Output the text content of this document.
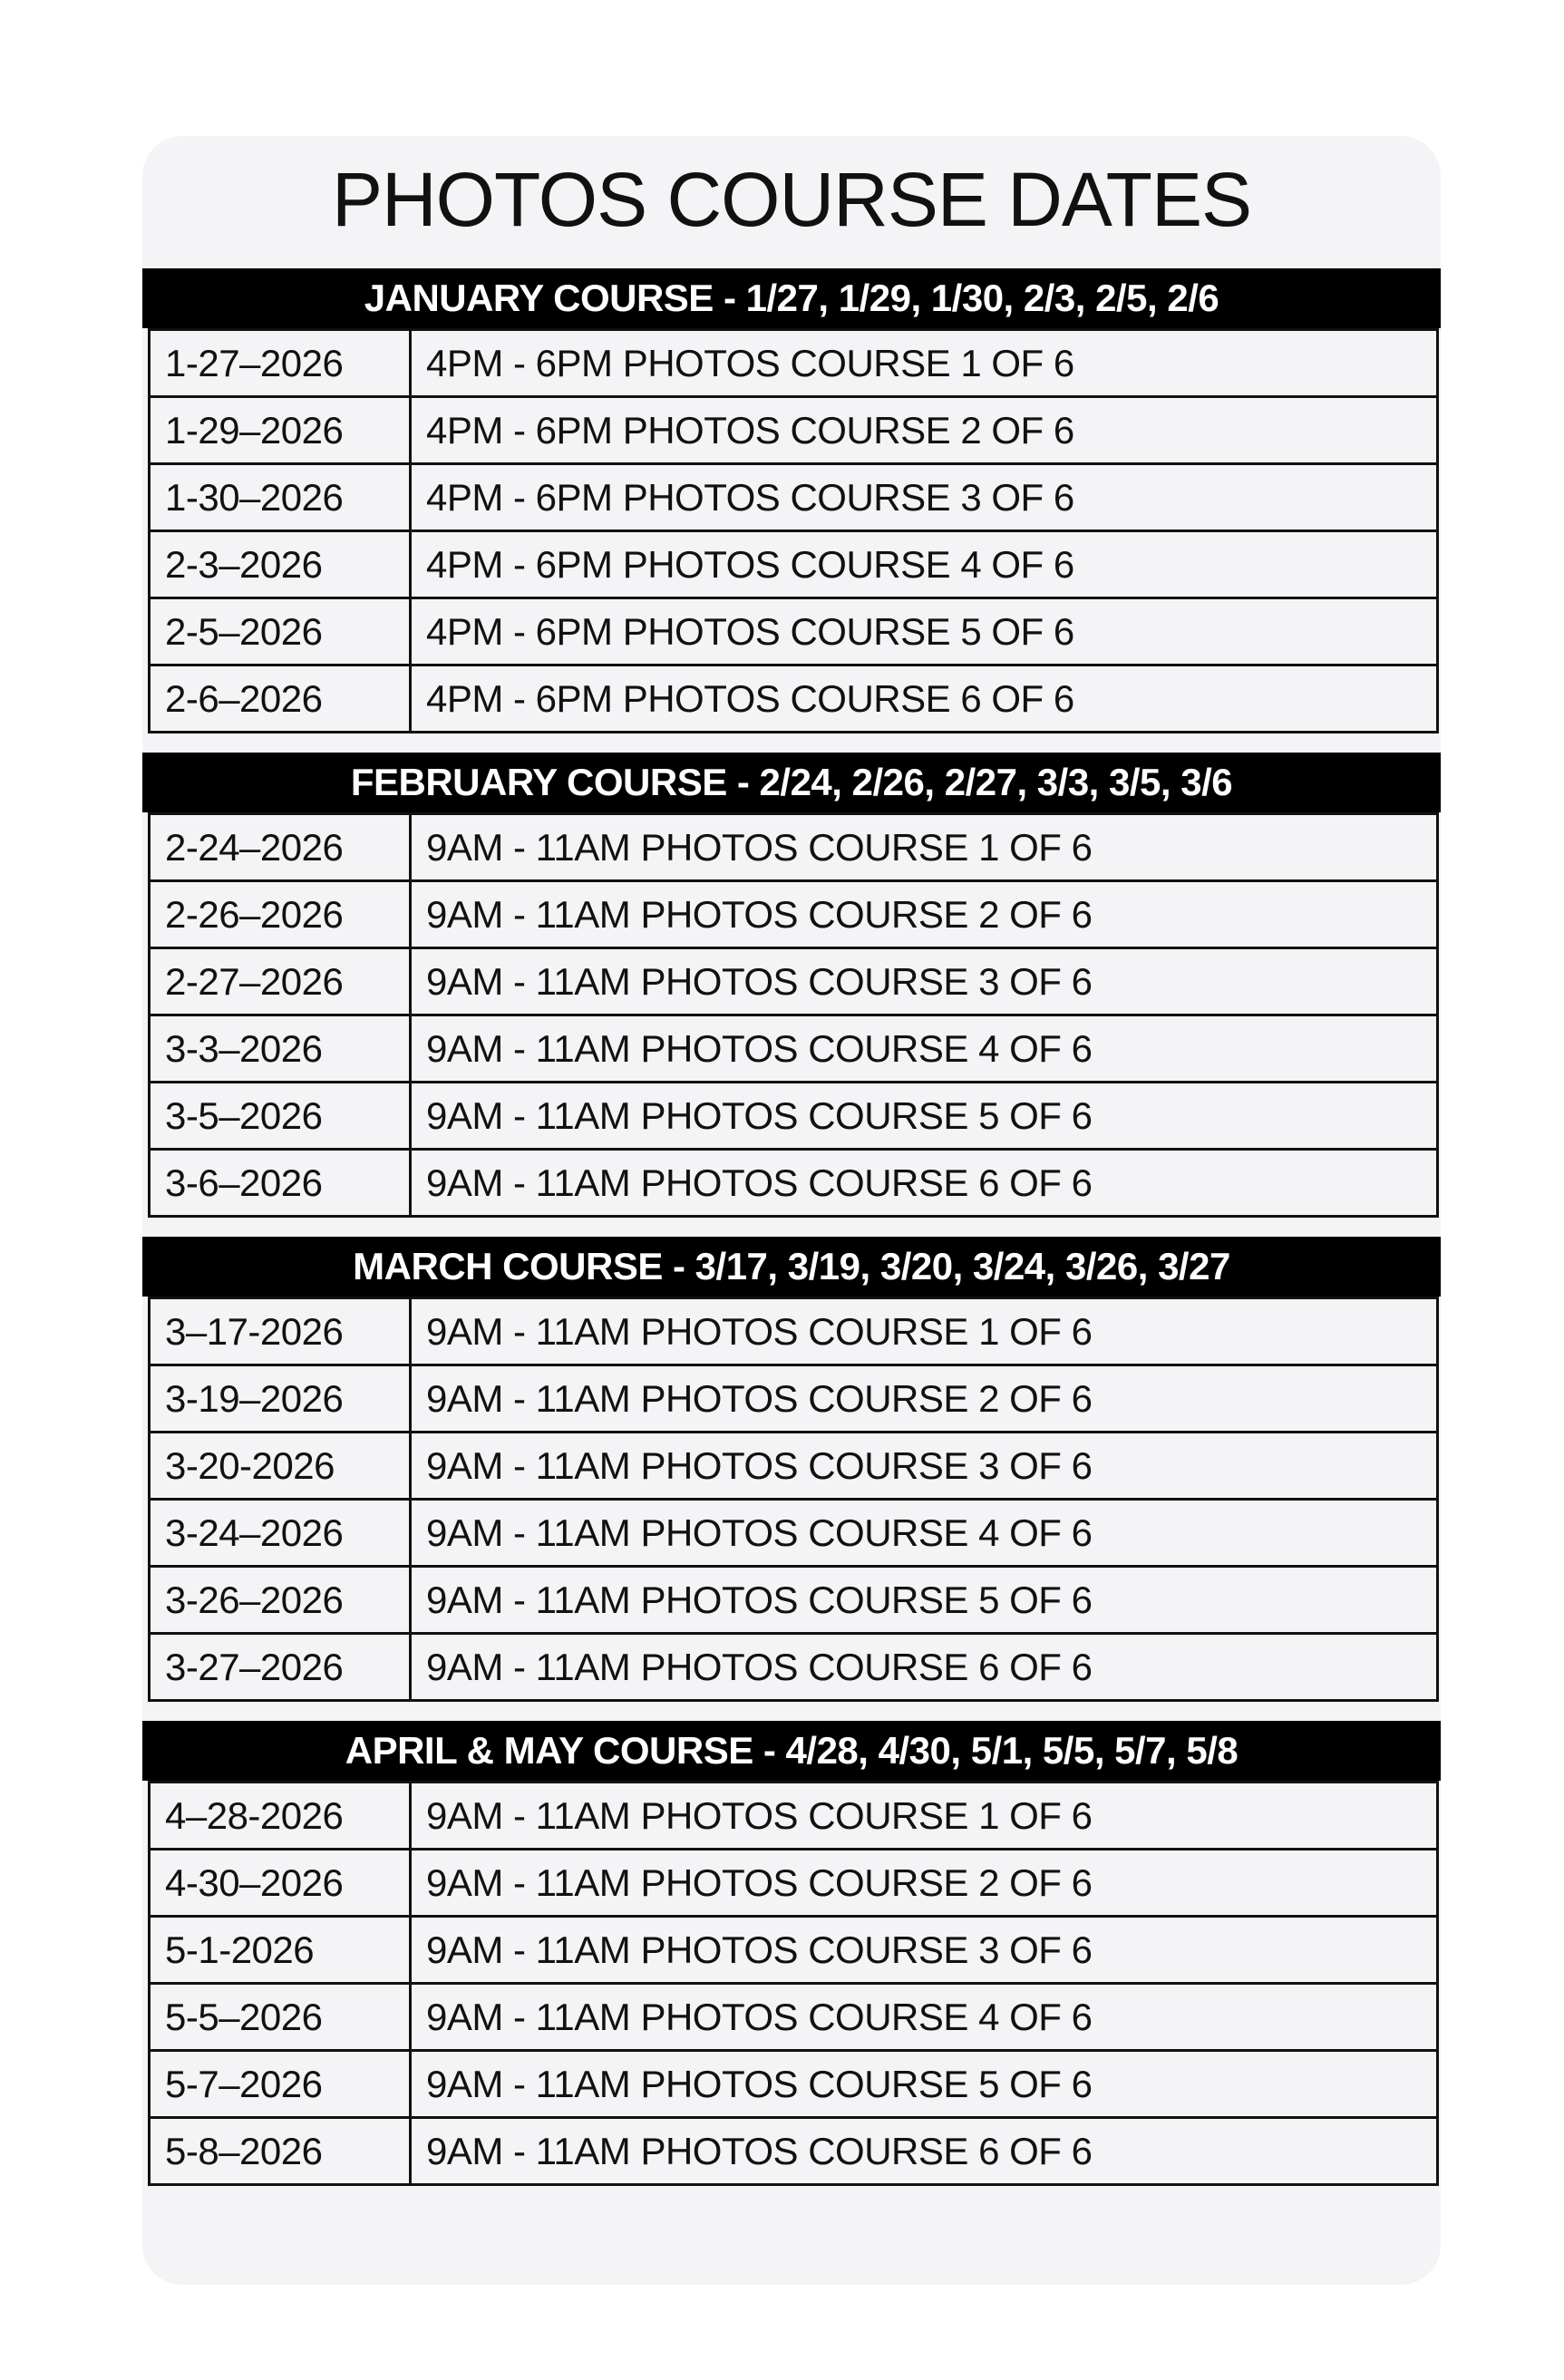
PHOTOS COURSE DATES
JANUARY COURSE - 1/27, 1/29, 1/30, 2/3, 2/5, 2/6
1-27–2026	4PM - 6PM PHOTOS COURSE 1 OF 6
1-29–2026	4PM - 6PM PHOTOS COURSE 2 OF 6
1-30–2026	4PM - 6PM PHOTOS COURSE 3 OF 6
2-3–2026	4PM - 6PM PHOTOS COURSE 4 OF 6
2-5–2026	4PM - 6PM PHOTOS COURSE 5 OF 6
2-6–2026	4PM - 6PM PHOTOS COURSE 6 OF 6
FEBRUARY COURSE - 2/24, 2/26, 2/27, 3/3, 3/5, 3/6
2-24–2026	9AM - 11AM PHOTOS COURSE 1 OF 6
2-26–2026	9AM - 11AM PHOTOS COURSE 2 OF 6
2-27–2026	9AM - 11AM PHOTOS COURSE 3 OF 6
3-3–2026	9AM - 11AM PHOTOS COURSE 4 OF 6
3-5–2026	9AM - 11AM PHOTOS COURSE 5 OF 6
3-6–2026	9AM - 11AM PHOTOS COURSE 6 OF 6
MARCH COURSE - 3/17, 3/19, 3/20, 3/24, 3/26, 3/27
3–17-2026	9AM - 11AM PHOTOS COURSE 1 OF 6
3-19–2026	9AM - 11AM PHOTOS COURSE 2 OF 6
3-20-2026	9AM - 11AM PHOTOS COURSE 3 OF 6
3-24–2026	9AM - 11AM PHOTOS COURSE 4 OF 6
3-26–2026	9AM - 11AM PHOTOS COURSE 5 OF 6
3-27–2026	9AM - 11AM PHOTOS COURSE 6 OF 6
APRIL & MAY COURSE - 4/28, 4/30, 5/1, 5/5, 5/7, 5/8
4–28-2026	9AM - 11AM PHOTOS COURSE 1 OF 6
4-30–2026	9AM - 11AM PHOTOS COURSE 2 OF 6
5-1-2026	9AM - 11AM PHOTOS COURSE 3 OF 6
5-5–2026	9AM - 11AM PHOTOS COURSE 4 OF 6
5-7–2026	9AM - 11AM PHOTOS COURSE 5 OF 6
5-8–2026	9AM - 11AM PHOTOS COURSE 6 OF 6
